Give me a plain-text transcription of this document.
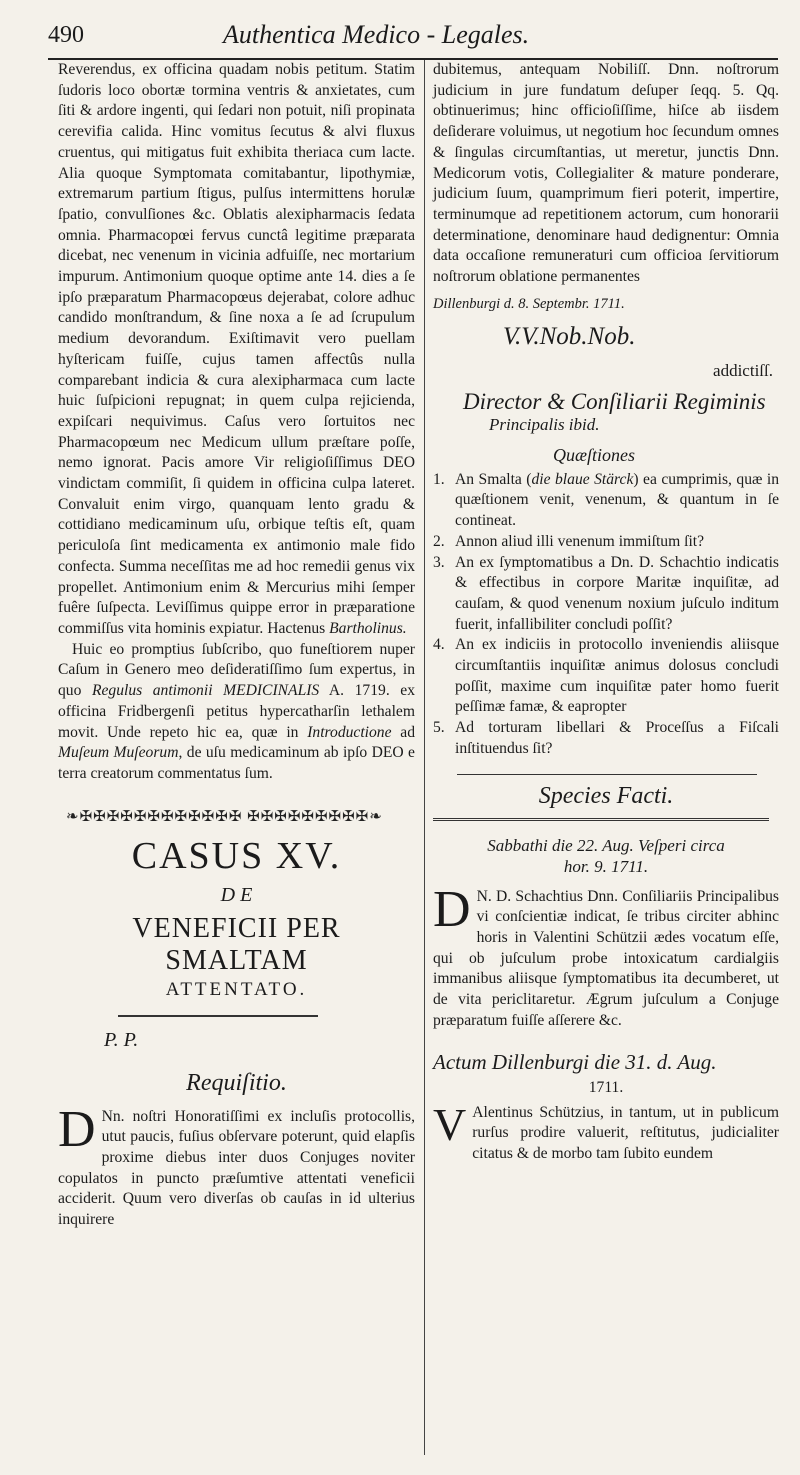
490	Authentica Medico - Legales.

Reverendus, ex officina quadam nobis petitum. Statim ſudoris loco obortæ tormina ventris & anxietates, cum ſiti & ardore ingenti, qui ſedari non potuit, niſi propinata cerevifia calida. Hinc vomitus ſecutus & alvi fluxus cruentus, qui mitigatus fuit exhibita theriaca cum lacte. Alia quoque Symptomata comitabantur, lipothymiæ, extremarum partium ſtigus, pulſus intermittens horulæ ſpatio, convulſiones &c. Oblatis alexipharmacis ſedata omnia. Pharmacopœi fervus cunctâ legitime præparata dicebat, nec venenum in vicinia adfuiſſe, nec mortarium impurum. Antimonium quoque optime ante 14. dies a ſe ipſo præparatum Pharmacopœus dejerabat, colore adhuc candido monſtrandum, & ſine noxa a ſe ad ſcrupulum medium devorandum. Exiſtimavit vero puellam hyſtericam fuiſſe, cujus tamen affectûs nulla comparebant indicia & cura alexipharmaca cum lacte huic ſuſpicioni repugnat; in quem culpa rejicienda, expiſcari nequivimus. Caſus vero ſortuitos nec Pharmacopœum nec Medicum ullum præſtare poſſe, nemo ignorat. Pacis amore Vir religioſiſſimus DEO vindictam commiſit, ſi quidem in officina culpa lateret. Convaluit enim virgo, quanquam lento gradu & cottidiano medicaminum uſu, orbique teſtis eſt, quam periculoſa ſint medicamenta ex antimonio male fido confecta. Summa neceſſitas me ad hoc remedii genus vix propellet. Antimonium enim & Mercurius mihi ſemper fuêre ſuſpecta. Leviſſimus quippe error in præparatione commiſſus vita hominis expiatur. Hactenus Bartholinus.

Huic eo promptius ſubſcribo, quo funeſtiorem nuper Caſum in Genero meo deſideratiſſimo ſum expertus, in quo Regulus antimonii MEDICINALIS A. 1719. ex officina Fridbergenſi petitus hypercatharſin lethalem movit. Unde repeto hic ea, quæ in Introductione ad Muſeum Muſeorum, de uſu medicaminum ab ipſo DEO e terra creatorum commentatus ſum.

❧✠✠✠✠✠✠✠✠✠✠✠✠ ✠✠✠✠✠✠✠✠✠❧
CASUS XV.
D E
VENEFICII PER SMALTAM
ATTENTATO.
P. P.
Requiſitio.

D Nn. noſtri Honoratiſſimi ex incluſis protocollis, utut paucis, fuſius obſervare poterunt, quid elapſis proxime diebus inter duos Conjuges noviter copulatos in puncto præſumtive attentati veneficii acciderit. Quum vero diverſas ob cauſas in id ulterius inquirere

dubitemus, antequam Nobiliſſ. Dnn. noſtrorum judicium in jure fundatum deſuper ſeqq. 5. Qq. obtinuerimus; hinc officioſiſſime, hiſce ab iisdem deſiderare voluimus, ut negotium hoc ſecundum omnes & ſingulas circumſtantias, ut meretur, junctis Dnn. Medicorum votis, Collegialiter & mature ponderare, judicium ſuum, quamprimum fieri poterit, impertire, terminumque ad repetitionem actorum, cum honorarii determinatione, denominare haud dedignentur: Omnia data occaſione remuneraturi cum officioa ſervitiorum noſtrorum oblatione permanentes

Dillenburgi d. 8. Septembr. 1711.
V.V.Nob.Nob.
addictiſſ.
Director & Conſiliarii Regiminis
Principalis ibid.
Quæſtiones
1. An Smalta (die blaue Stärck) ea cumprimis, quæ in quæſtionem venit, venenum, & quantum in ſe contineat.
2. Annon aliud illi venenum immiſtum ſit?
3. An ex ſymptomatibus a Dn. D. Schachtio indicatis & effectibus in corpore Maritæ inquiſitæ, ad cauſam, & quod venenum noxium juſculo inditum fuerit, infallibiliter concludi poſſit?
4. An ex indiciis in protocollo inveniendis aliisque circumſtantiis inquiſitæ animus dolosus concludi poſſit, maxime cum inquiſitæ pater homo fuerit peſſimæ famæ, & eapropter
5. Ad torturam libellari & Proceſſus a Fiſcali inſtituendus ſit?
Species Facti.
Sabbathi die 22. Aug. Veſperi circa
hor. 9. 1711.

D N. D. Schachtius Dnn. Conſiliariis Principalibus vi conſcientiæ indicat, ſe tribus circiter abhinc horis in Valentini Schützii ædes vocatum eſſe, qui ob juſculum probe intoxicatum cardialgiis immanibus aliisque ſymptomatibus ita decumberet, ut de vita periclitaretur. Ægrum juſculum a Conjuge præparatum fuiſſe aſſerere &c.

Actum Dillenburgi die 31. d. Aug.
1711.

V Alentinus Schützius, in tantum, ut in publicum rurſus prodire valuerit, reſtitutus, judicialiter citatus & de morbo tam ſubito eundem
